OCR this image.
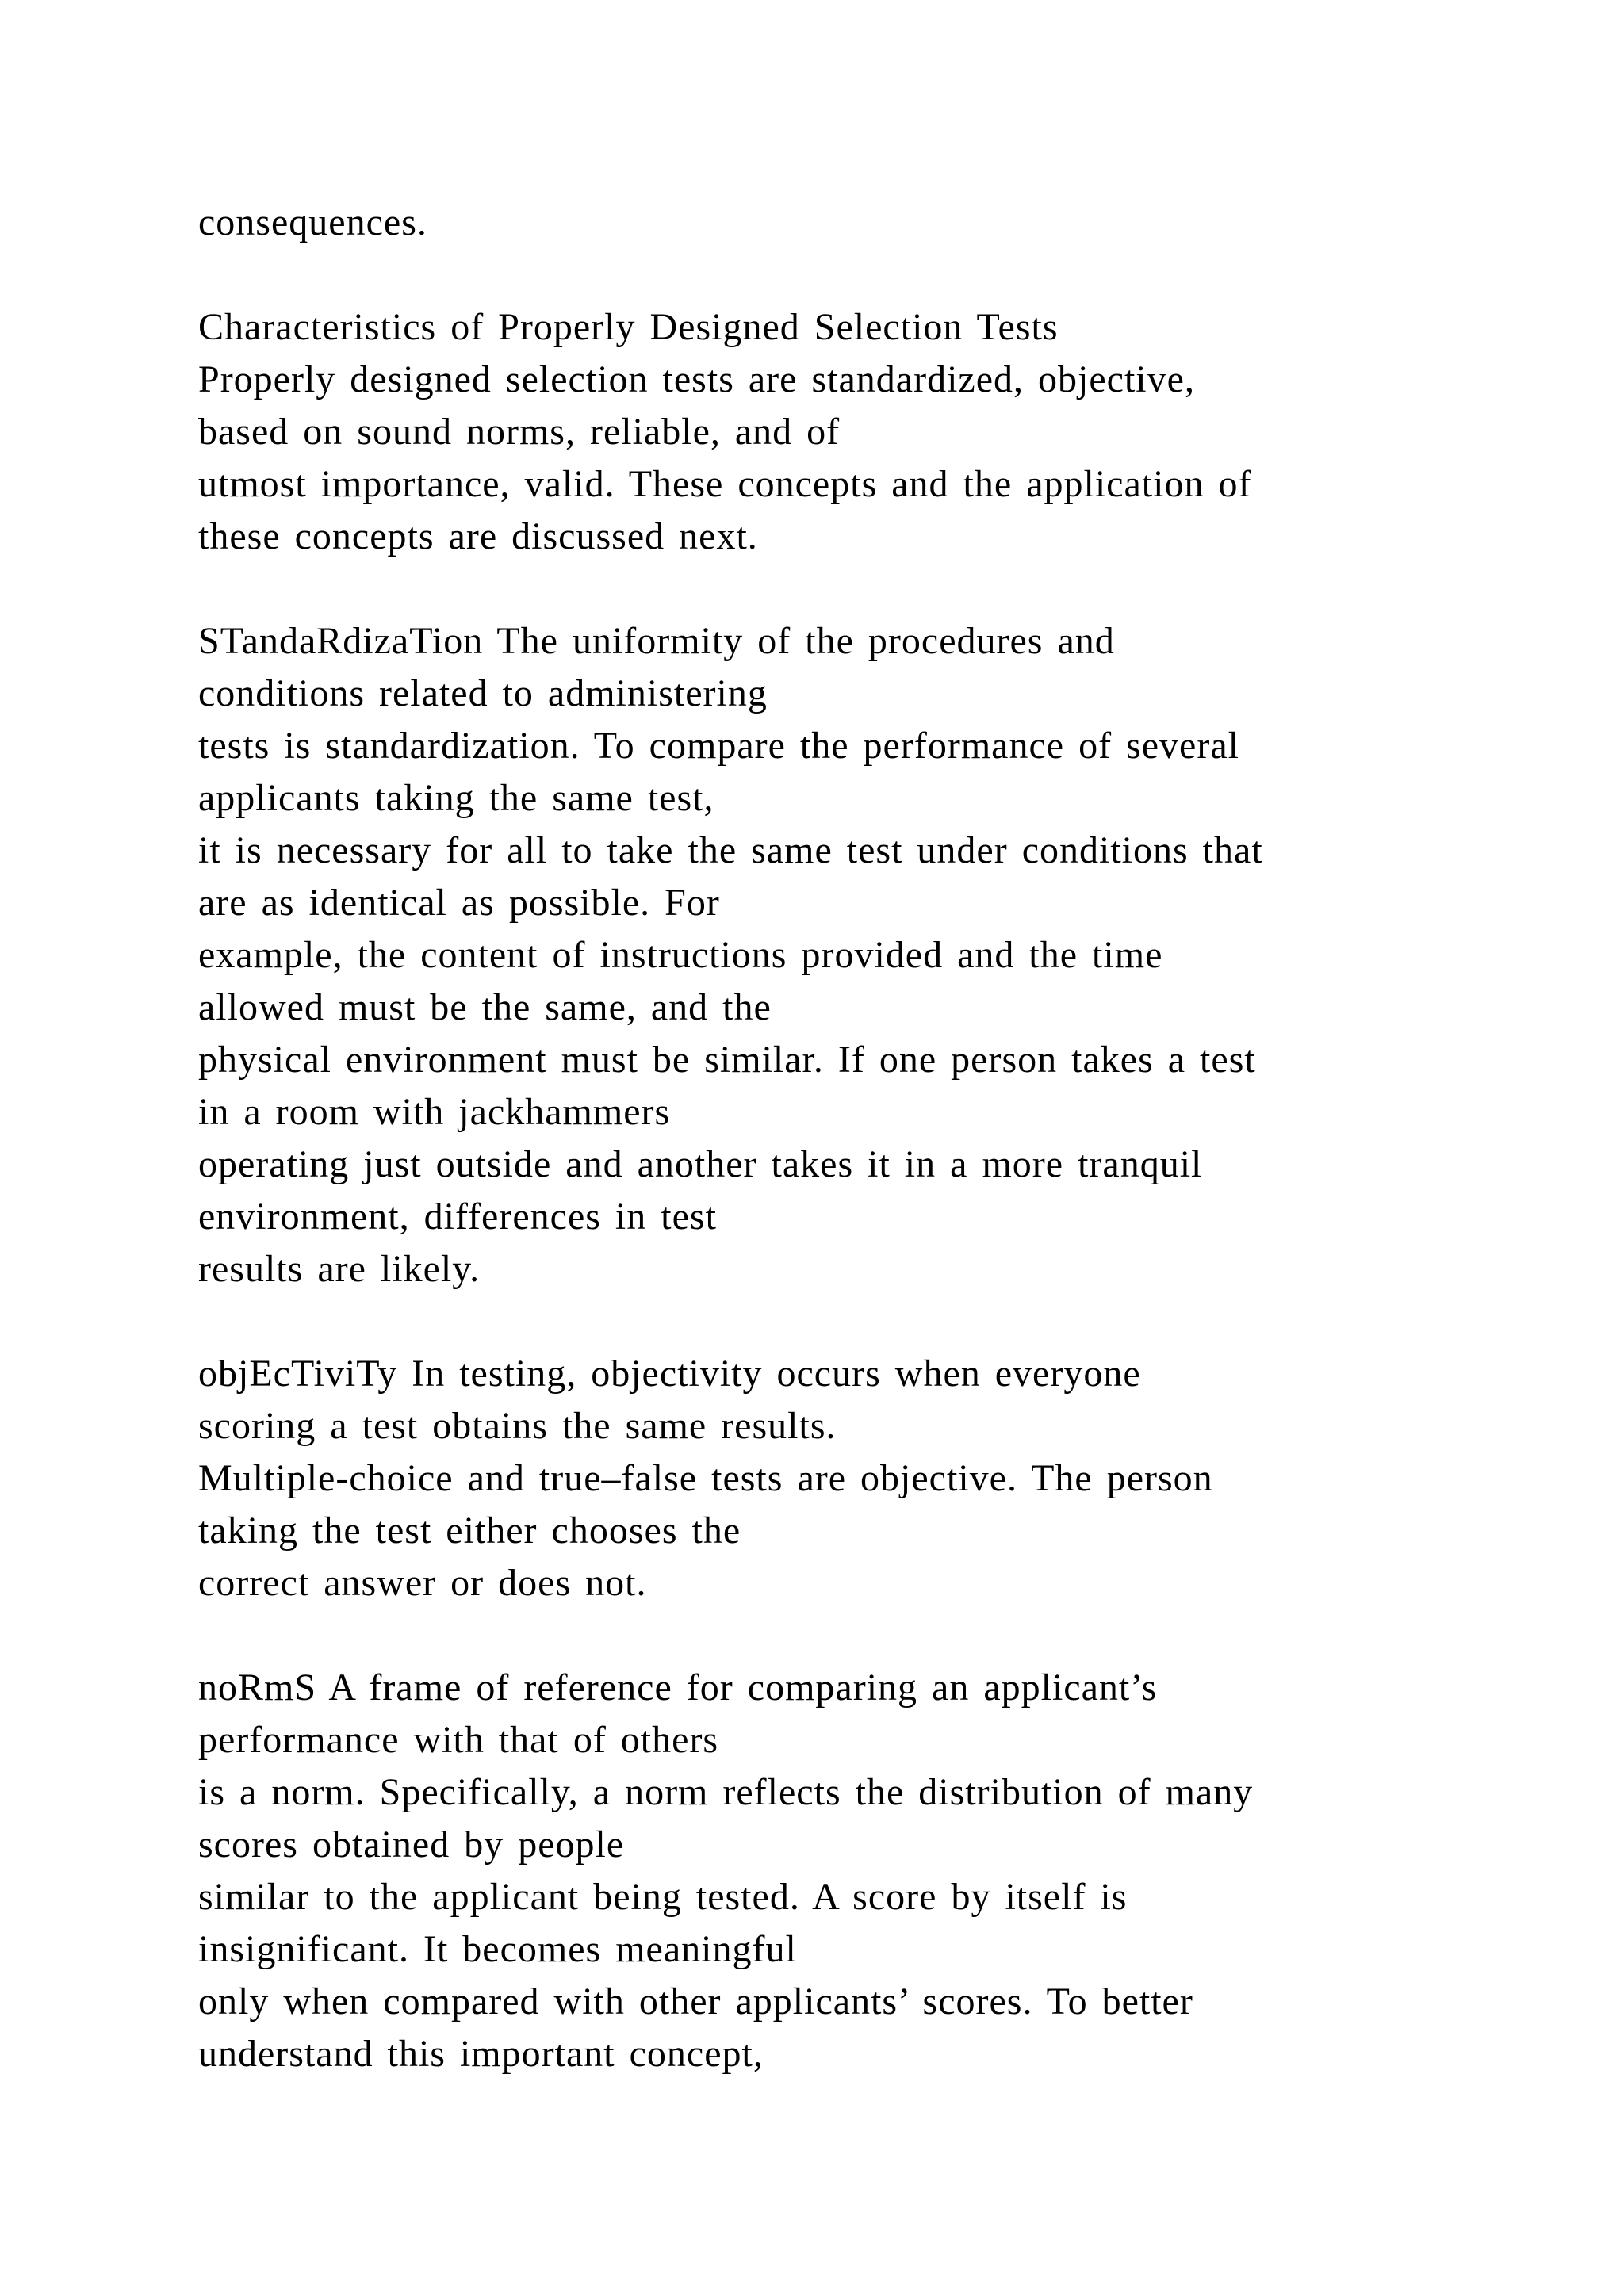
consequences.
Characteristics of Properly Designed Selection Tests
Properly designed selection tests are standardized, objective,
based on sound norms, reliable, and of
utmost importance, valid. These concepts and the application of
these concepts are discussed next.
STandaRdizaTion The uniformity of the procedures and
conditions related to administering
tests is standardization. To compare the performance of several
applicants taking the same test,
it is necessary for all to take the same test under conditions that
are as identical as possible. For
example, the content of instructions provided and the time
allowed must be the same, and the
physical environment must be similar. If one person takes a test
in a room with jackhammers
operating just outside and another takes it in a more tranquil
environment, differences in test
results are likely.
objEcTiviTy In testing, objectivity occurs when everyone
scoring a test obtains the same results.
Multiple-choice and true–false tests are objective. The person
taking the test either chooses the
correct answer or does not.
noRmS A frame of reference for comparing an applicant’s
performance with that of others
is a norm. Specifically, a norm reflects the distribution of many
scores obtained by people
similar to the applicant being tested. A score by itself is
insignificant. It becomes meaningful
only when compared with other applicants’ scores. To better
understand this important concept,
